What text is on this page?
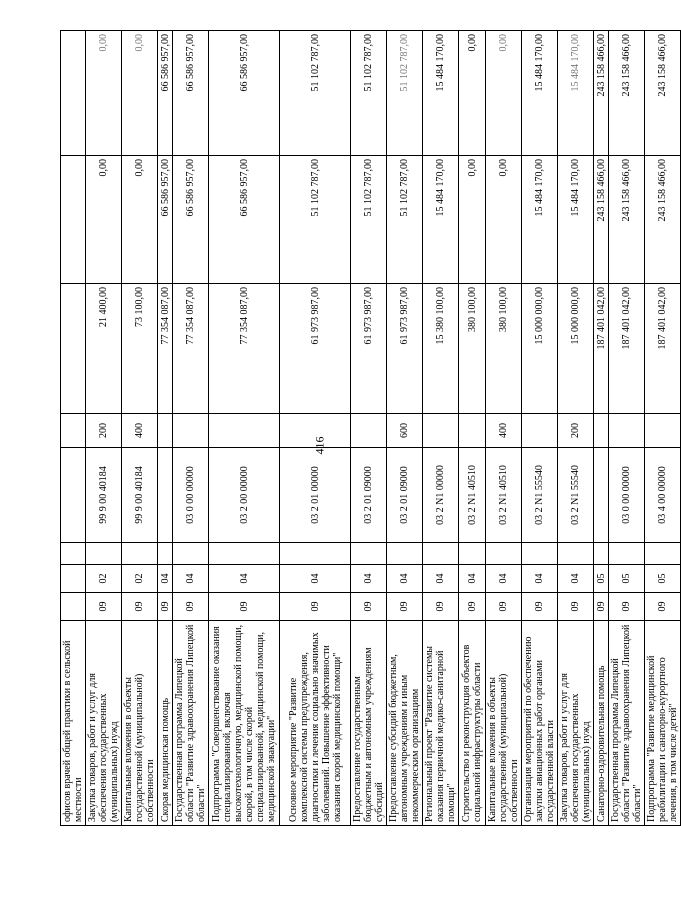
416
офисов врачей общей практики в сельской местности								
Закупка товаров, работ и услуг для обеспечения государственных (муниципальных) нужд	09	02		99 9 00 40184	200	21 400,00	0,00	0,00
Капитальные вложения в объекты государственной (муниципальной) собственности	09	02		99 9 00 40184	400	73 100,00	0,00	0,00
Скорая медицинская помощь	09	04				77 354 087,00	66 586 957,00	66 586 957,00
Государственная программа Липецкой области "Развитие здравоохранения Липецкой области"	09	04		03 0 00 00000		77 354 087,00	66 586 957,00	66 586 957,00
Подпрограмма "Совершенствование оказания специализированной, включая высокотехнологичную, медицинской помощи, скорой, в том числе скорой специализированной, медицинской помощи, медицинской эвакуации"	09	04		03 2 00 00000		77 354 087,00	66 586 957,00	66 586 957,00
Основное мероприятие "Развитие комплексной системы предупреждения, диагностики и лечения социально значимых заболеваний. Повышение эффективности оказания скорой медицинской помощи"	09	04		03 2 01 00000		61 973 987,00	51 102 787,00	51 102 787,00
Предоставление государственным бюджетным и автономным учреждениям субсидий	09	04		03 2 01 09000		61 973 987,00	51 102 787,00	51 102 787,00
Предоставление субсидий бюджетным, автономным учреждениям и иным некоммерческим организациям	09	04		03 2 01 09000	600	61 973 987,00	51 102 787,00	51 102 787,00
Региональный проект "Развитие системы оказания первичной медико-санитарной помощи"	09	04		03 2 N1 00000		15 380 100,00	15 484 170,00	15 484 170,00
Строительство и реконструкция объектов социальной инфраструктуры области	09	04		03 2 N1 40510		380 100,00	0,00	0,00
Капитальные вложения в объекты государственной (муниципальной) собственности	09	04		03 2 N1 40510	400	380 100,00	0,00	0,00
Организация мероприятий по обеспечению закупки авиационных работ органами государственной власти	09	04		03 2 N1 55540		15 000 000,00	15 484 170,00	15 484 170,00
Закупка товаров, работ и услуг для обеспечения государственных (муниципальных) нужд	09	04		03 2 N1 55540	200	15 000 000,00	15 484 170,00	15 484 170,00
Санаторно-оздоровительная помощь	09	05				187 401 042,00	243 158 466,00	243 158 466,00
Государственная программа Липецкой области "Развитие здравоохранения Липецкой области"	09	05		03 0 00 00000		187 401 042,00	243 158 466,00	243 158 466,00
Подпрограмма "Развитие медицинской реабилитации и санаторно-курортного лечения, в том числе детей"	09	05		03 4 00 00000		187 401 042,00	243 158 466,00	243 158 466,00
